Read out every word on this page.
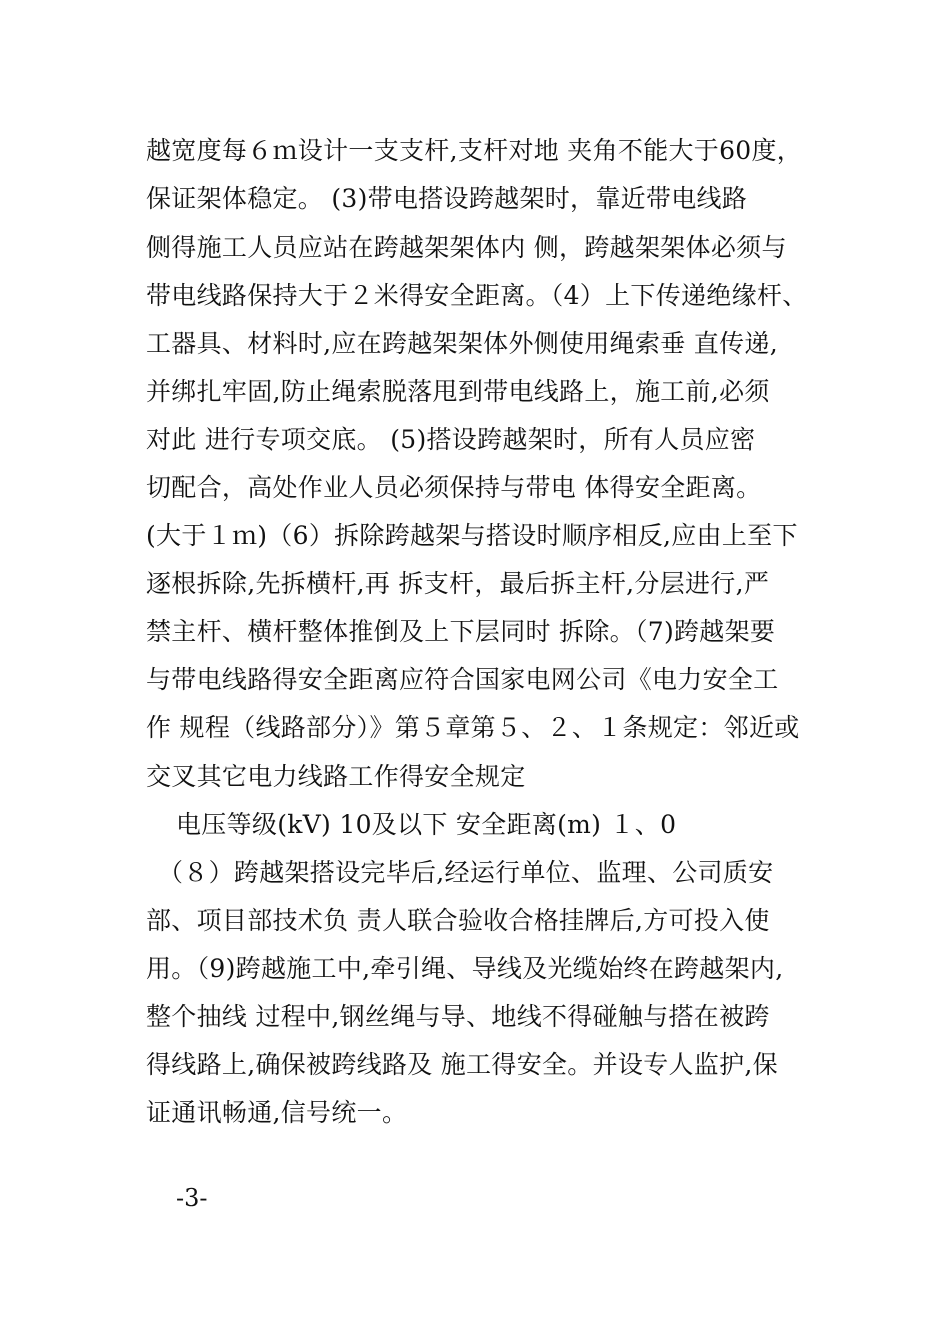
越宽度每６ｍ设计一支支杆,支杆对地 夹角不能大于60度，
保证架体稳定。 (3)带电搭设跨越架时，靠近带电线路
侧得施工人员应站在跨越架架体内 侧，跨越架架体必须与
带电线路保持大于２米得安全距离。（4）上下传递绝缘杆、
工器具、材料时,应在跨越架架体外侧使用绳索垂 直传递,
并绑扎牢固,防止绳索脱落甩到带电线路上，施工前,必须
对此 进行专项交底。 (5)搭设跨越架时，所有人员应密
切配合，高处作业人员必须保持与带电 体得安全距离。
(大于１ｍ)（6）拆除跨越架与搭设时顺序相反,应由上至下
逐根拆除,先拆横杆,再 拆支杆，最后拆主杆,分层进行,严
禁主杆、横杆整体推倒及上下层同时 拆除。（7)跨越架要
与带电线路得安全距离应符合国家电网公司《电力安全工
作 规程（线路部分）》第５章第５、２、１条规定：邻近或
交叉其它电力线路工作得安全规定
电压等级(kV) 10及以下 安全距离(m) １、0
（８）跨越架搭设完毕后,经运行单位、监理、公司质安
部、项目部技术负 责人联合验收合格挂牌后,方可投入使
用。（9)跨越施工中,牵引绳、导线及光缆始终在跨越架内,
整个抽线 过程中,钢丝绳与导、地线不得碰触与搭在被跨
得线路上,确保被跨线路及 施工得安全。并设专人监护,保
证通讯畅通,信号统一。
-3-
